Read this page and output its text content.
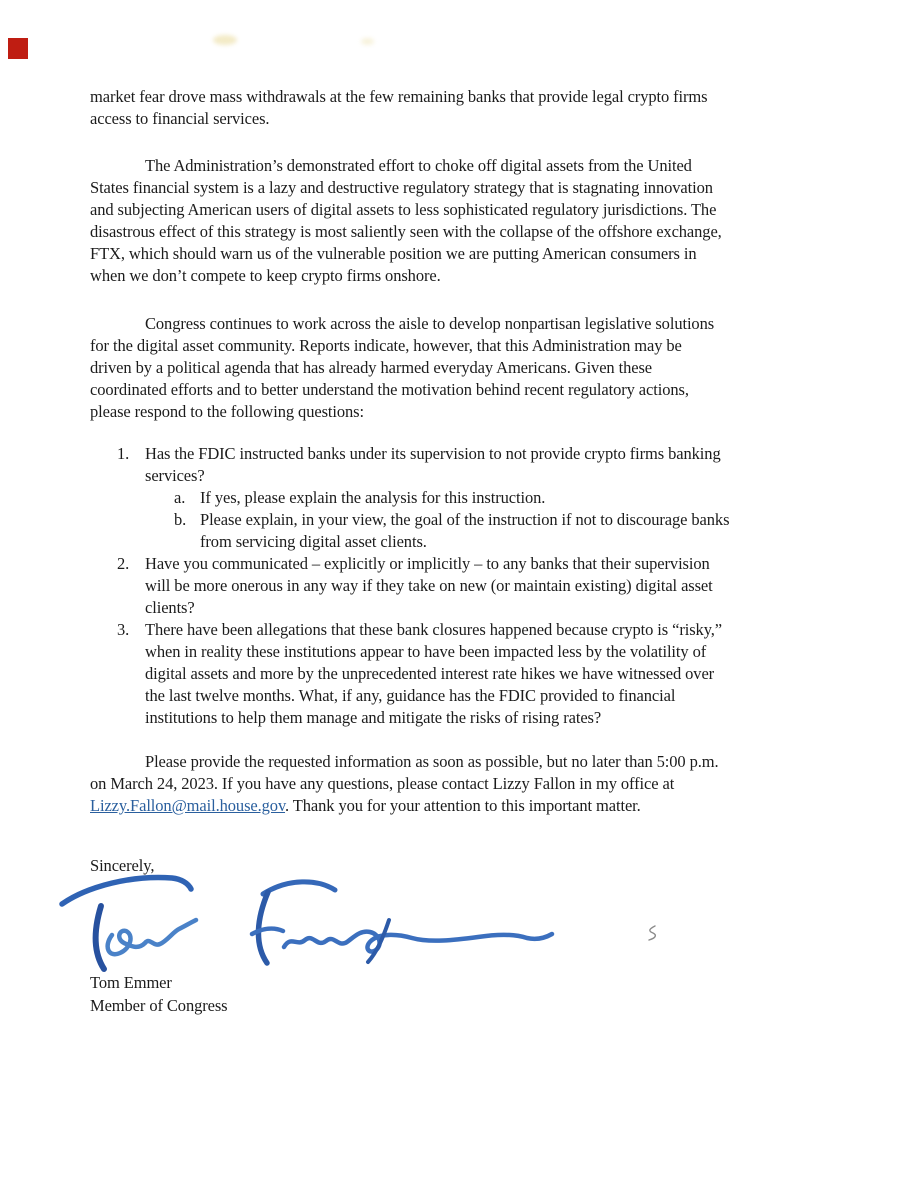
market fear drove mass withdrawals at the few remaining banks that provide legal crypto firms
access to financial services.
The Administration’s demonstrated effort to choke off digital assets from the United
States financial system is a lazy and destructive regulatory strategy that is stagnating innovation
and subjecting American users of digital assets to less sophisticated regulatory jurisdictions. The
disastrous effect of this strategy is most saliently seen with the collapse of the offshore exchange,
FTX, which should warn us of the vulnerable position we are putting American consumers in
when we don’t compete to keep crypto firms onshore.
Congress continues to work across the aisle to develop nonpartisan legislative solutions
for the digital asset community. Reports indicate, however, that this Administration may be
driven by a political agenda that has already harmed everyday Americans. Given these
coordinated efforts and to better understand the motivation behind recent regulatory actions,
please respond to the following questions:
Has the FDIC instructed banks under its supervision to not provide crypto firms banking
1.
services?
If yes, please explain the analysis for this instruction.
a.
Please explain, in your view, the goal of the instruction if not to discourage banks
b.
from servicing digital asset clients.
Have you communicated – explicitly or implicitly – to any banks that their supervision
2.
will be more onerous in any way if they take on new (or maintain existing) digital asset
clients?
There have been allegations that these bank closures happened because crypto is “risky,”
3.
when in reality these institutions appear to have been impacted less by the volatility of
digital assets and more by the unprecedented interest rate hikes we have witnessed over
the last twelve months. What, if any, guidance has the FDIC provided to financial
institutions to help them manage and mitigate the risks of rising rates?
Please provide the requested information as soon as possible, but no later than 5:00 p.m.
on March 24, 2023. If you have any questions, please contact Lizzy Fallon in my office at
Lizzy.Fallon@mail.house.gov. Thank you for your attention to this important matter.
Sincerely,
Tom Emmer
Member of Congress
